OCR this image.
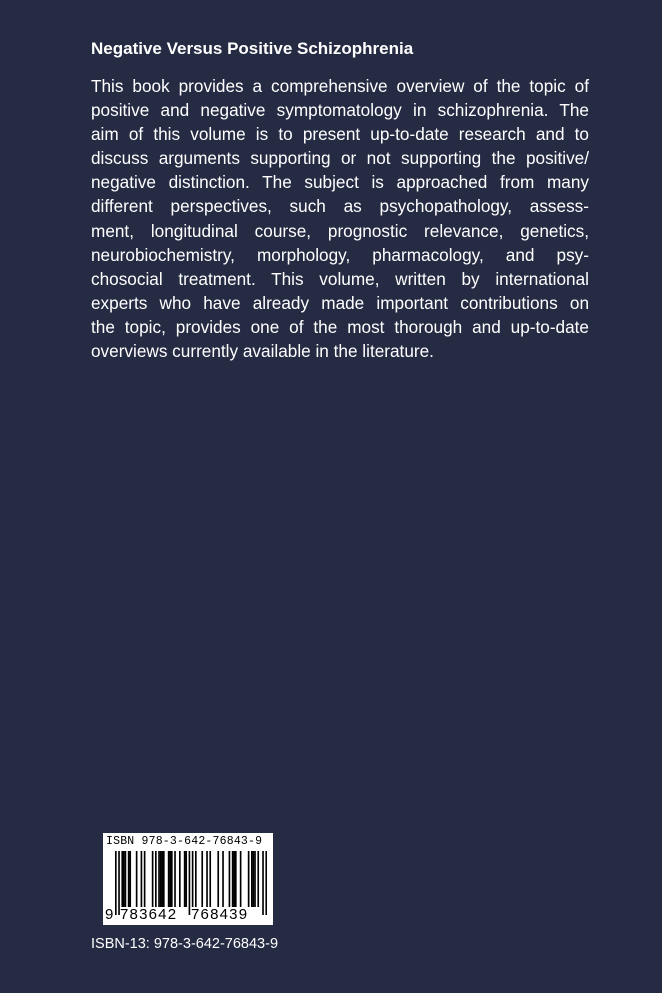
Negative Versus Positive Schizophrenia
This book provides a comprehensive overview of the topic of
positive and negative symptomatology in schizophrenia. The
aim of this volume is to present up-to-date research and to
discuss arguments supporting or not supporting the positive/
negative distinction. The subject is approached from many
different perspectives, such as psychopathology, assess-
ment, longitudinal course, prognostic relevance, genetics,
neurobiochemistry, morphology, pharmacology, and psy-
chosocial treatment. This volume, written by international
experts who have already made important contributions on
the topic, provides one of the most thorough and up-to-date
overviews currently available in the literature.
ISBN 978-3-642-76843-9
9 783642 768439
ISBN-13: 978-3-642-76843-9
